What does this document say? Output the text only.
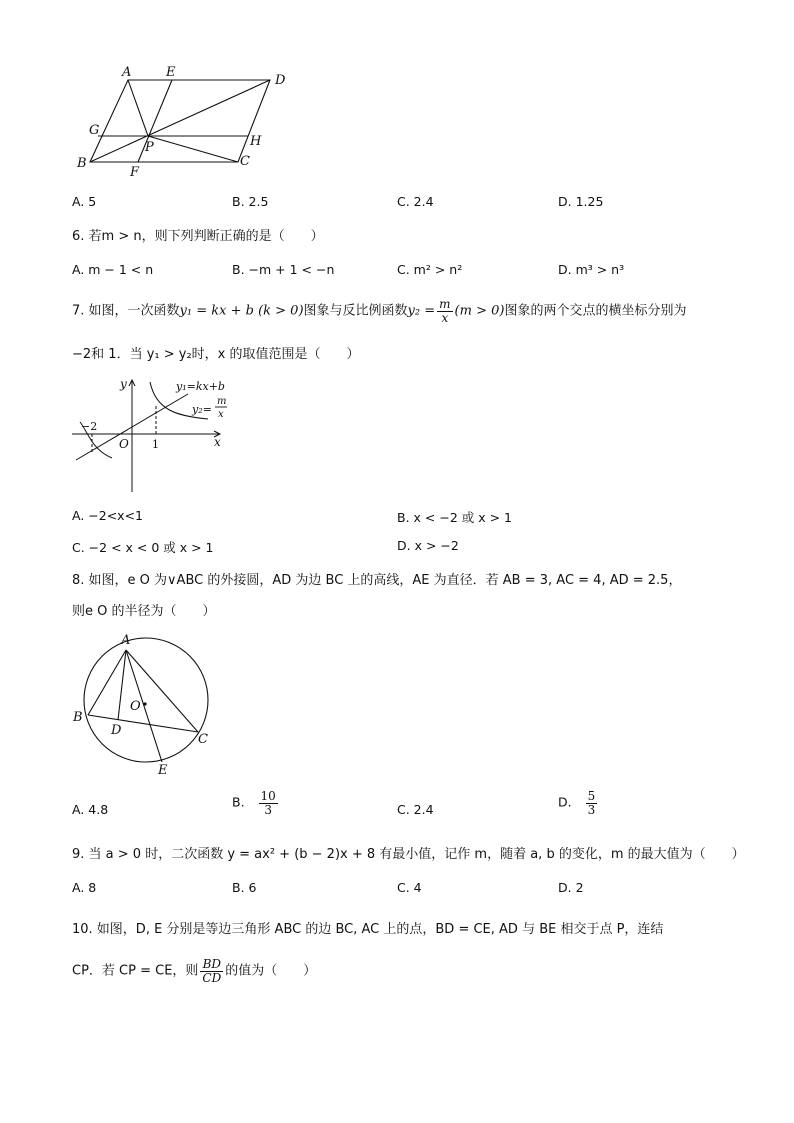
A	E
D
G
P	H
B
F
C
A. 5	B. 2.5	C. 2.4	D. 1.25
6. 若m > n，则下列判断正确的是（　　）
A. m − 1 < n	B. −m + 1 < −n	C. m² > n²	D. m³ > n³
7. 如图，一次函数y₁ = kx + b (k > 0)图象与反比例函数$y_2 = \frac{m}{x} (m > 0)$图象的两个交点的横坐标分别为
−2和 1．当 y₁ > y₂时，x 的取值范围是（　　）
y
x
O
−2
1
y₁=kx+b
y₂=
m
x
A. −2<x<1	B. x < −2 或 x > 1
C. −2 < x < 0 或 x > 1	D. x > −2
8. 如图，e O 为∨ABC 的外接圆，AD 为边 BC 上的高线，AE 为直径．若 AB = 3, AC = 4, AD = 2.5，
则e O 的半径为（　　）
A
B
C
D
O
E
A. 4.8	B. $\frac{10}{3}$	C. 2.4	D. $\frac{5}{3}$
9. 当 a > 0 时，二次函数 y = ax² + (b − 2)x + 8 有最小值，记作 m，随着 a, b 的变化，m 的最大值为（　　）
A. 8	B. 6	C. 4	D. 2
10. 如图，D, E 分别是等边三角形 ABC 的边 BC, AC 上的点，BD = CE, AD 与 BE 相交于点 P，连结
CP．若 CP = CE，则 $\frac{BD}{CD}$ 的值为（　　）
